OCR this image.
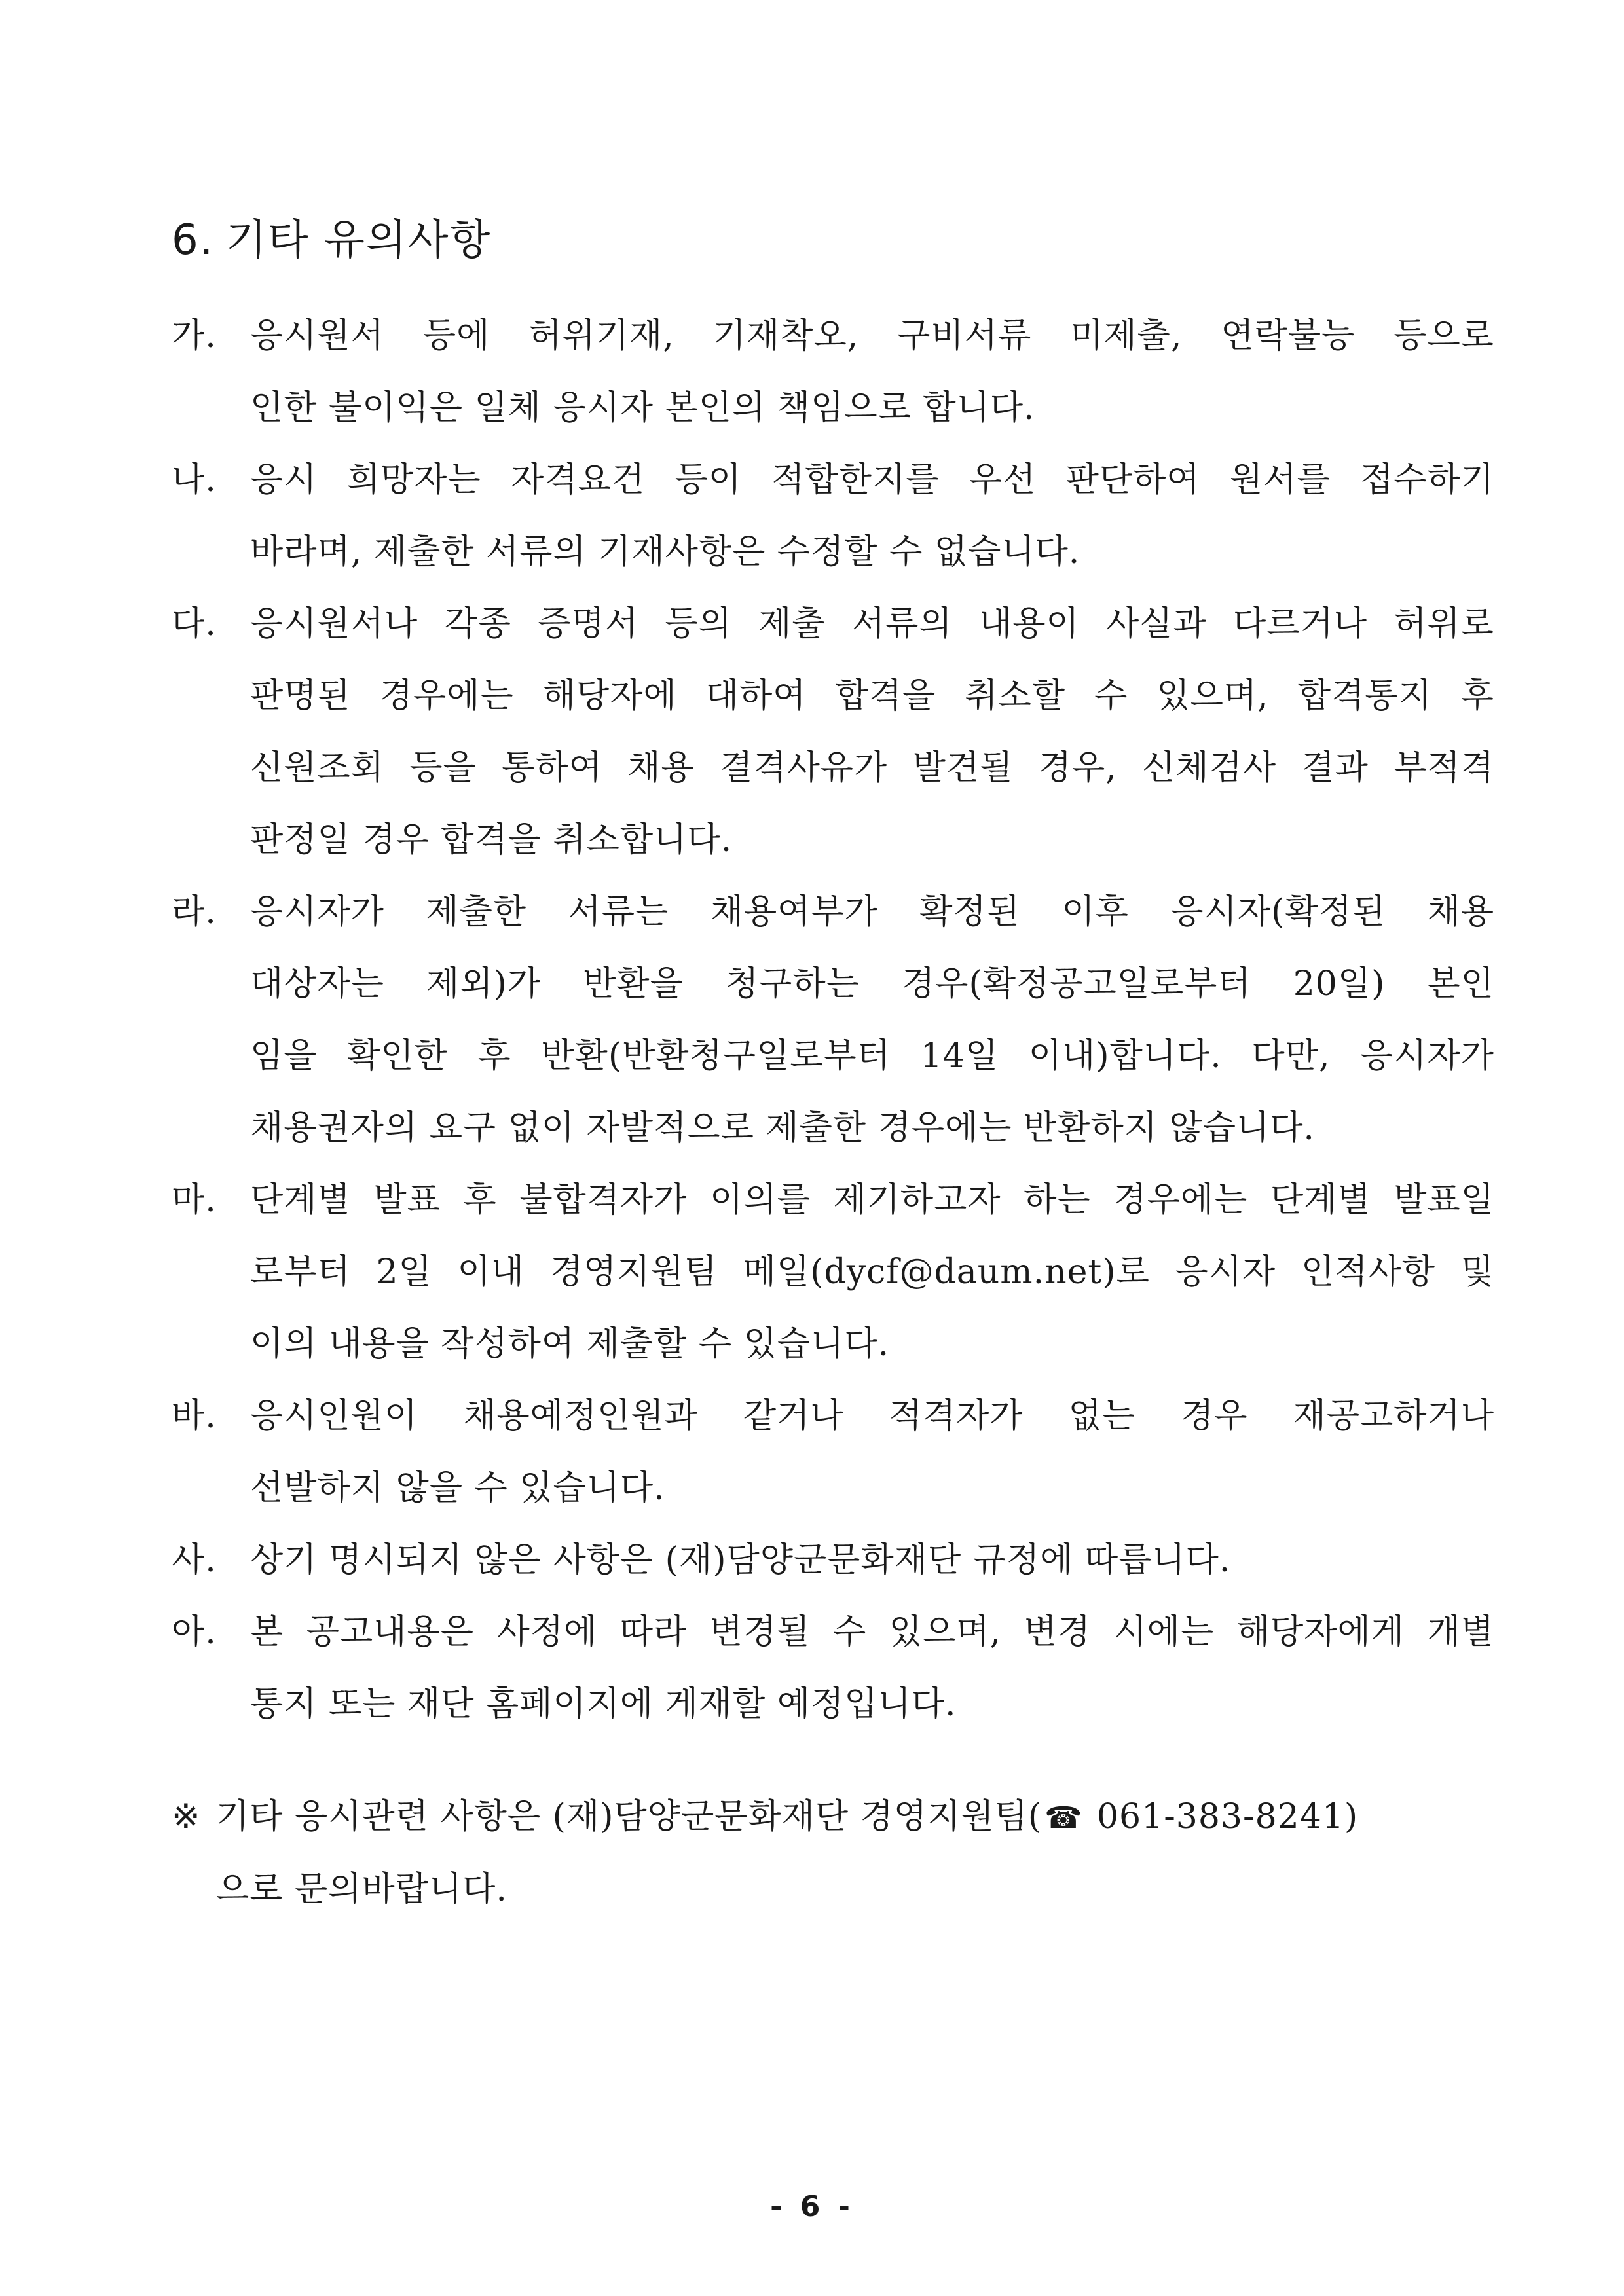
6. 기타 유의사항
가. 응시원서 등에 허위기재, 기재착오, 구비서류 미제출, 연락불능 등으로
인한 불이익은 일체 응시자 본인의 책임으로 합니다.
나. 응시 희망자는 자격요건 등이 적합한지를 우선 판단하여 원서를 접수하기
바라며, 제출한 서류의 기재사항은 수정할 수 없습니다.
다. 응시원서나 각종 증명서 등의 제출 서류의 내용이 사실과 다르거나 허위로
판명된 경우에는 해당자에 대하여 합격을 취소할 수 있으며, 합격통지 후
신원조회 등을 통하여 채용 결격사유가 발견될 경우, 신체검사 결과 부적격
판정일 경우 합격을 취소합니다.
라. 응시자가 제출한 서류는 채용여부가 확정된 이후 응시자(확정된 채용
대상자는 제외)가 반환을 청구하는 경우(확정공고일로부터 20일) 본인
임을 확인한 후 반환(반환청구일로부터 14일 이내)합니다. 다만, 응시자가
채용권자의 요구 없이 자발적으로 제출한 경우에는 반환하지 않습니다.
마. 단계별 발표 후 불합격자가 이의를 제기하고자 하는 경우에는 단계별 발표일
로부터 2일 이내 경영지원팀 메일(dycf@daum.net)로 응시자 인적사항 및
이의 내용을 작성하여 제출할 수 있습니다.
바. 응시인원이 채용예정인원과 같거나 적격자가 없는 경우 재공고하거나
선발하지 않을 수 있습니다.
사. 상기 명시되지 않은 사항은 (재)담양군문화재단 규정에 따릅니다.
아. 본 공고내용은 사정에 따라 변경될 수 있으며, 변경 시에는 해당자에게 개별
통지 또는 재단 홈페이지에 게재할 예정입니다.
※ 기타 응시관련 사항은 (재)담양군문화재단 경영지원팀(☎ 061-383-8241)
으로 문의바랍니다.
- 6 -
